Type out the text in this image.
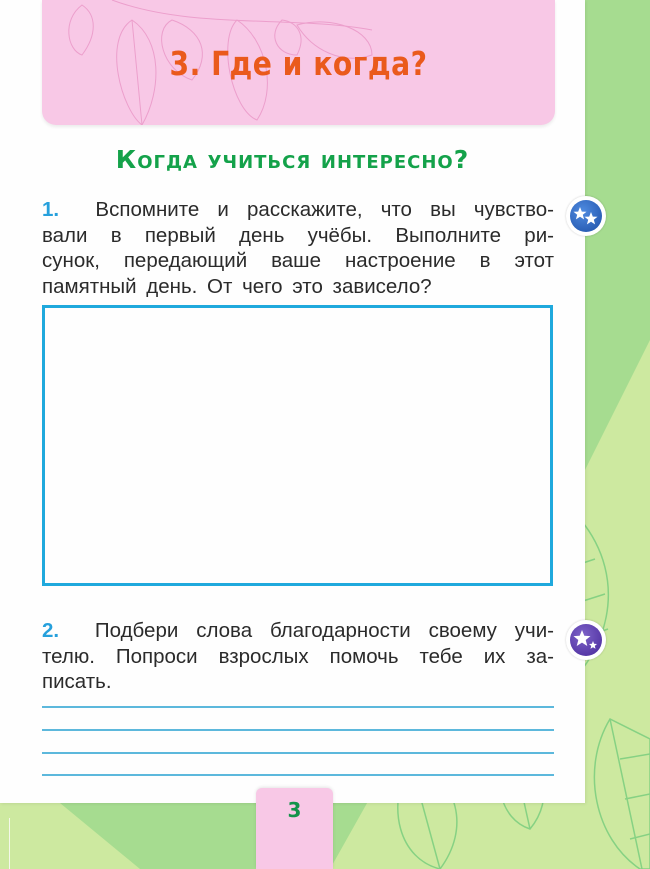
3. Где и когда?
Когда учиться интересно?
1. Вспомните и расскажите, что вы чувство-
вали в первый день учёбы. Выполните ри-
сунок, передающий ваше настроение в этот
памятный день. От чего это зависело?
2. Подбери слова благодарности своему учи-
телю. Попроси взрослых помочь тебе их за-
писать.
3
